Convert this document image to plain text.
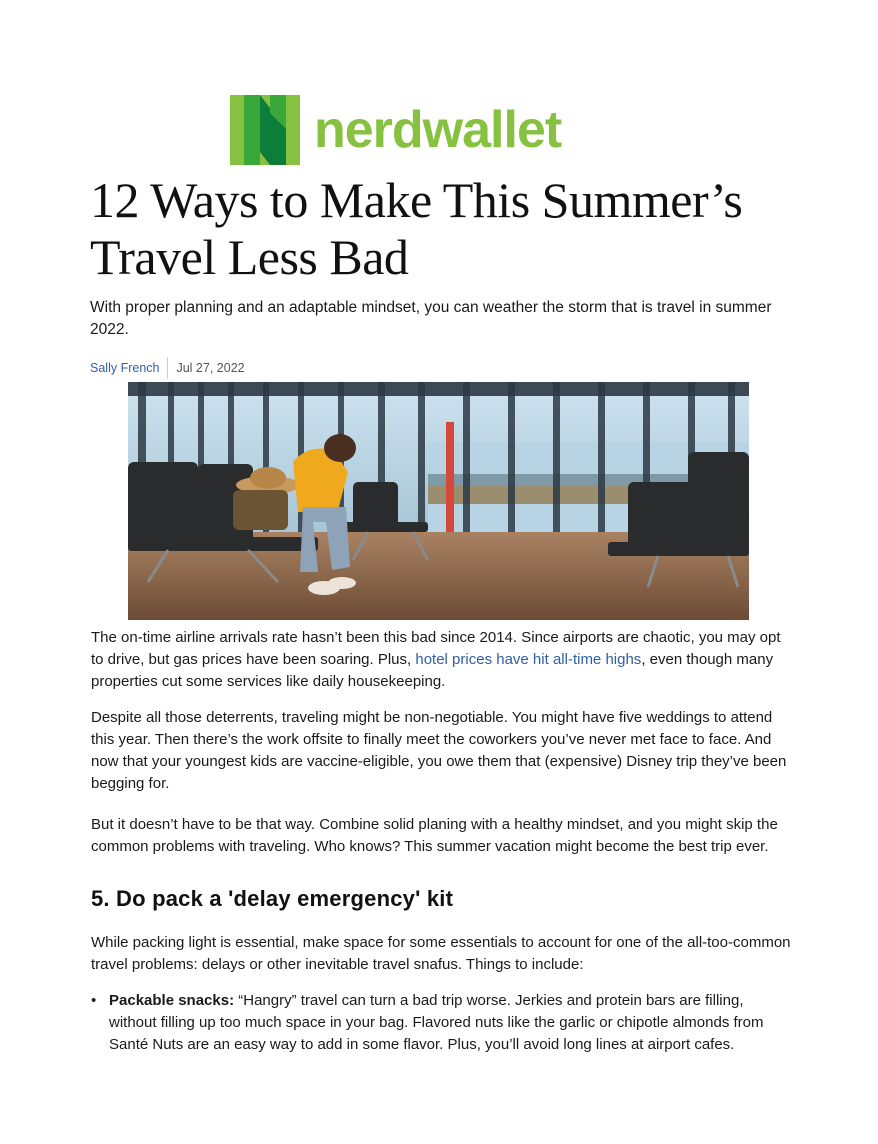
nerdwallet
12 Ways to Make This Summer’s Travel Less Bad

With proper planning and an adaptable mindset, you can weather the storm that is travel in summer 2022.

Sally French	Jul 27, 2022

The on-time airline arrivals rate hasn’t been this bad since 2014. Since airports are chaotic, you may opt to drive, but gas prices have been soaring. Plus, hotel prices have hit all-time highs, even though many properties cut some services like daily housekeeping.

Despite all those deterrents, traveling might be non-negotiable. You might have five weddings to attend this year. Then there’s the work offsite to finally meet the coworkers you’ve never met face to face. And now that your youngest kids are vaccine-eligible, you owe them that (expensive) Disney trip they’ve been begging for.

But it doesn’t have to be that way. Combine solid planing with a healthy mindset, and you might skip the common problems with traveling. Who knows? This summer vacation might become the best trip ever.

5. Do pack a 'delay emergency' kit

While packing light is essential, make space for some essentials to account for one of the all-too-common travel problems: delays or other inevitable travel snafus. Things to include:

• Packable snacks: “Hangry” travel can turn a bad trip worse. Jerkies and protein bars are filling, without filling up too much space in your bag. Flavored nuts like the garlic or chipotle almonds from Santé Nuts are an easy way to add in some flavor. Plus, you’ll avoid long lines at airport cafes.
